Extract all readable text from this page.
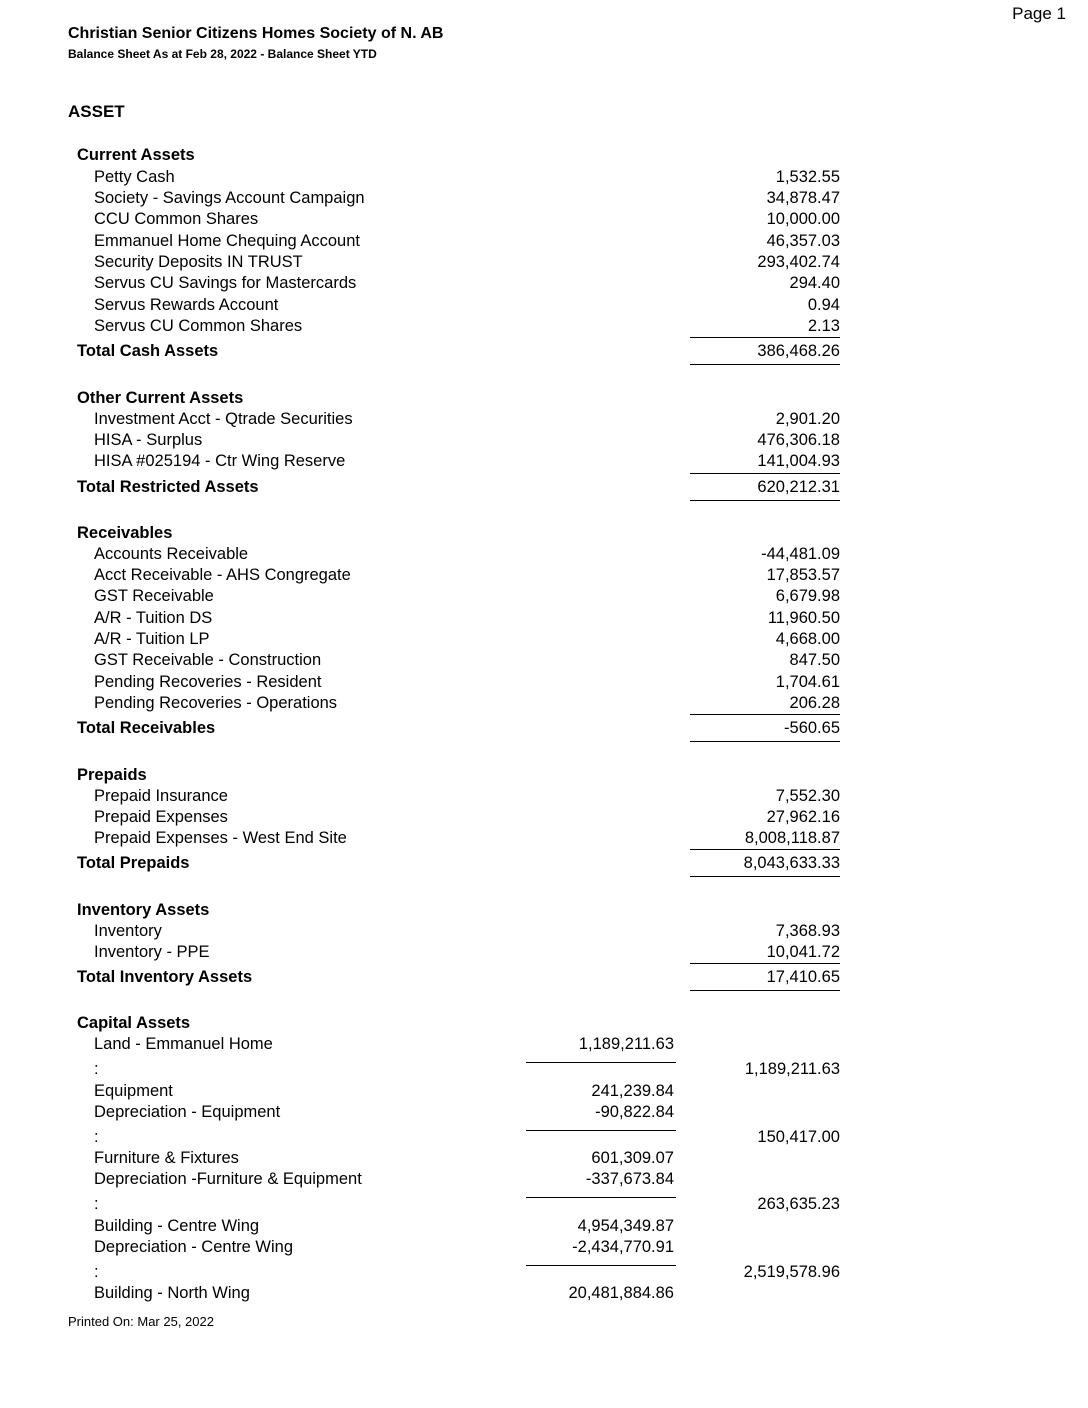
Page 1
Christian Senior Citizens Homes Society of N. AB
Balance Sheet As at Feb 28, 2022 - Balance Sheet YTD
ASSET
Current Assets
Petty Cash	1,532.55
Society - Savings Account Campaign	34,878.47
CCU Common Shares	10,000.00
Emmanuel Home Chequing Account	46,357.03
Security Deposits IN TRUST	293,402.74
Servus CU Savings for Mastercards	294.40
Servus Rewards Account	0.94
Servus CU Common Shares	2.13
Total Cash Assets	386,468.26
Other Current Assets
Investment Acct - Qtrade Securities	2,901.20
HISA - Surplus	476,306.18
HISA #025194 - Ctr Wing Reserve	141,004.93
Total Restricted Assets	620,212.31
Receivables
Accounts Receivable	-44,481.09
Acct Receivable - AHS Congregate	17,853.57
GST Receivable	6,679.98
A/R - Tuition DS	11,960.50
A/R - Tuition LP	4,668.00
GST Receivable - Construction	847.50
Pending Recoveries - Resident	1,704.61
Pending Recoveries - Operations	206.28
Total Receivables	-560.65
Prepaids
Prepaid Insurance	7,552.30
Prepaid Expenses	27,962.16
Prepaid Expenses - West End Site	8,008,118.87
Total Prepaids	8,043,633.33
Inventory Assets
Inventory	7,368.93
Inventory - PPE	10,041.72
Total Inventory Assets	17,410.65
Capital Assets
Land - Emmanuel Home	1,189,211.63
:	1,189,211.63
Equipment	241,239.84
Depreciation - Equipment	-90,822.84
:	150,417.00
Furniture & Fixtures	601,309.07
Depreciation -Furniture & Equipment	-337,673.84
:	263,635.23
Building - Centre Wing	4,954,349.87
Depreciation - Centre Wing	-2,434,770.91
:	2,519,578.96
Building - North Wing	20,481,884.86
Printed On: Mar 25, 2022
